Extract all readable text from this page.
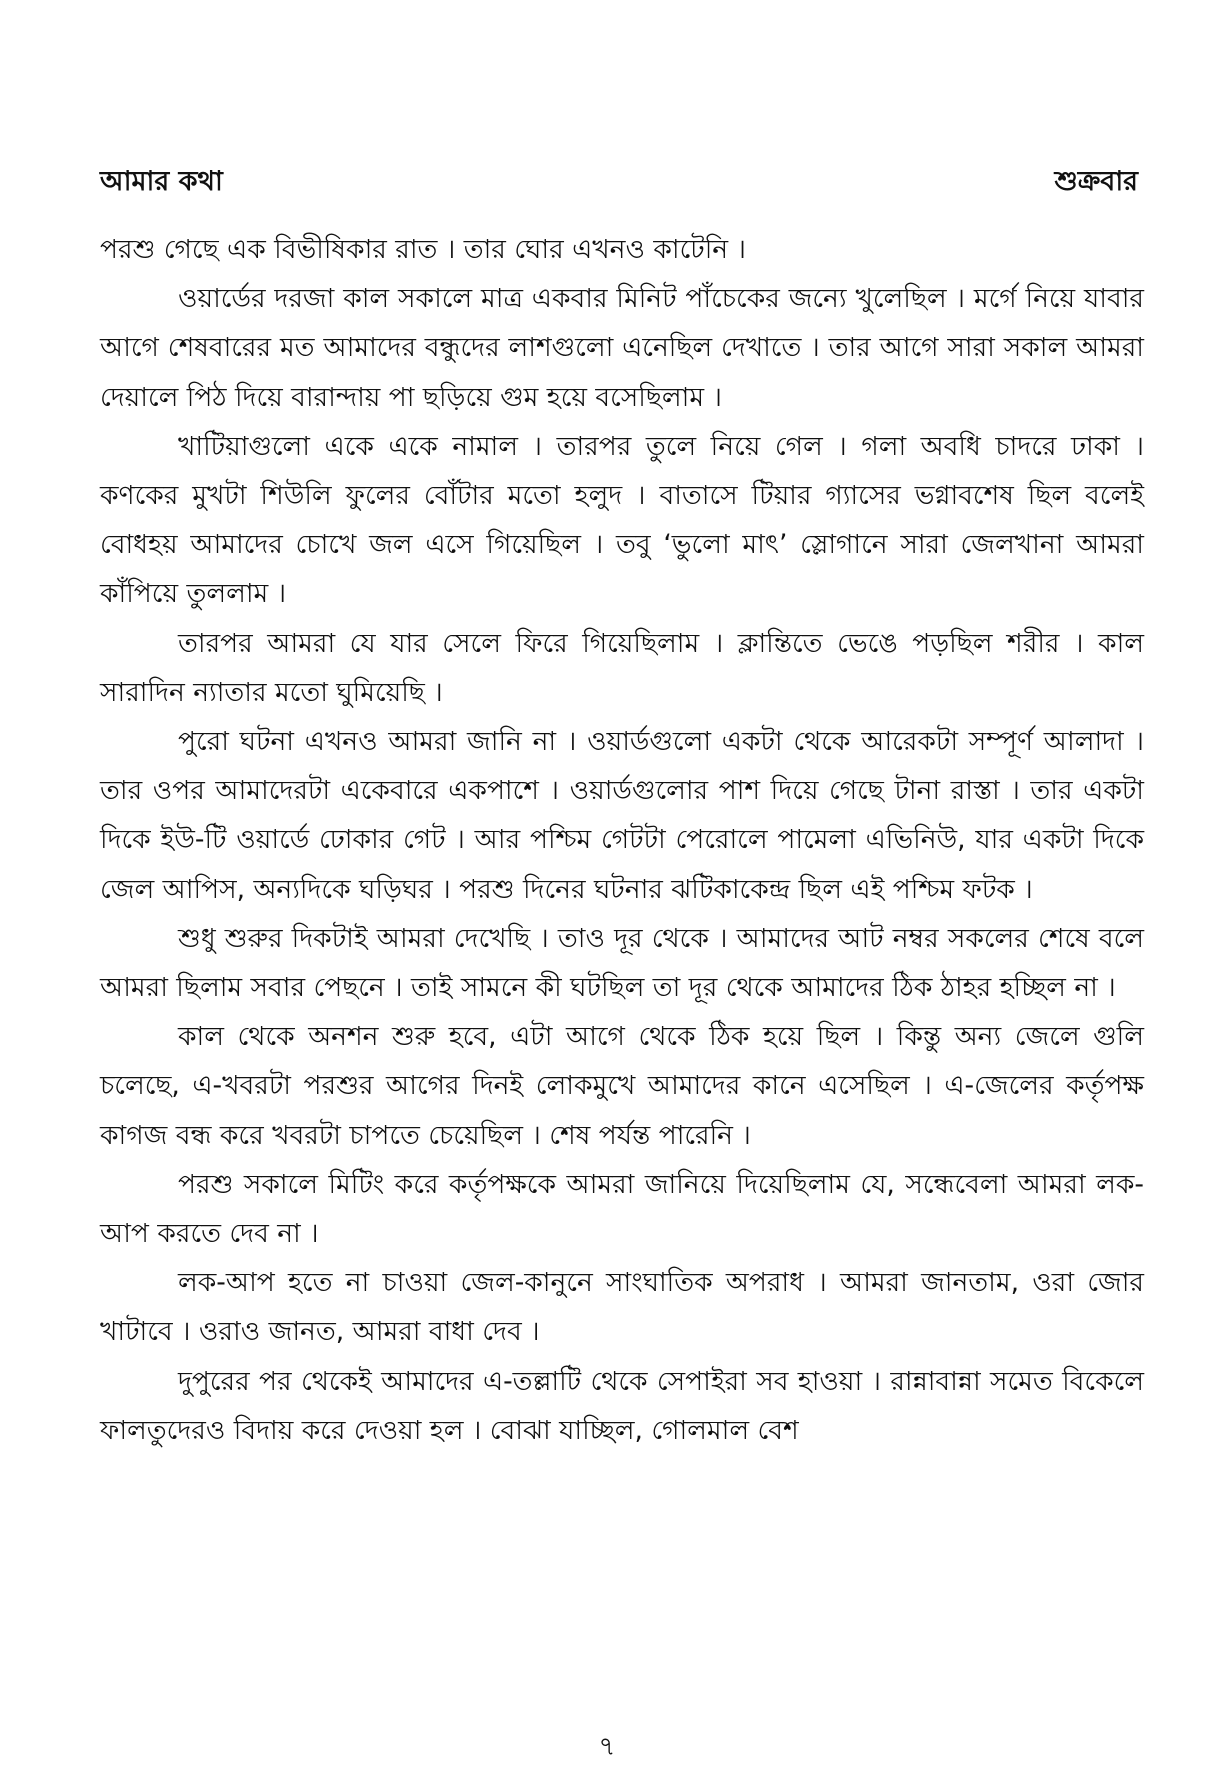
আমার কথা	শুক্রবার

পরশু গেছে এক বিভীষিকার রাত । তার ঘোর এখনও কাটেনি ।

ওয়ার্ডের দরজা কাল সকালে মাত্র একবার মিনিট পাঁচেকের জন্যে খুলেছিল । মর্গে নিয়ে যাবার আগে শেষবারের মত আমাদের বন্ধুদের লাশগুলো এনেছিল দেখাতে । তার আগে সারা সকাল আমরা দেয়ালে পিঠ দিয়ে বারান্দায় পা ছড়িয়ে গুম হয়ে বসেছিলাম ।

খাটিয়াগুলো একে একে নামাল । তারপর তুলে নিয়ে গেল । গলা অবধি চাদরে ঢাকা । কণকের মুখটা শিউলি ফুলের বোঁটার মতো হলুদ । বাতাসে টিয়ার গ্যাসের ভগ্নাবশেষ ছিল বলেই বোধহয় আমাদের চোখে জল এসে গিয়েছিল । তবু ‘ভুলো মাৎ’ স্লোগানে সারা জেলখানা আমরা কাঁপিয়ে তুললাম ।

তারপর আমরা যে যার সেলে ফিরে গিয়েছিলাম । ক্লান্তিতে ভেঙে পড়ছিল শরীর । কাল সারাদিন ন্যাতার মতো ঘুমিয়েছি ।

পুরো ঘটনা এখনও আমরা জানি না । ওয়ার্ডগুলো একটা থেকে আরেকটা সম্পূর্ণ আলাদা । তার ওপর আমাদেরটা একেবারে একপাশে । ওয়ার্ডগুলোর পাশ দিয়ে গেছে টানা রাস্তা । তার একটা দিকে ইউ-টি ওয়ার্ডে ঢোকার গেট । আর পশ্চিম গেটটা পেরোলে পামেলা এভিনিউ, যার একটা দিকে জেল আপিস, অন্যদিকে ঘড়িঘর । পরশু দিনের ঘটনার ঝটিকাকেন্দ্র ছিল এই পশ্চিম ফটক ।

শুধু শুরুর দিকটাই আমরা দেখেছি । তাও দূর থেকে । আমাদের আট নম্বর সকলের শেষে বলে আমরা ছিলাম সবার পেছনে । তাই সামনে কী ঘটছিল তা দূর থেকে আমাদের ঠিক ঠাহর হচ্ছিল না ।

কাল থেকে অনশন শুরু হবে, এটা আগে থেকে ঠিক হয়ে ছিল । কিন্তু অন্য জেলে গুলি চলেছে, এ-খবরটা পরশুর আগের দিনই লোকমুখে আমাদের কানে এসেছিল । এ-জেলের কর্তৃপক্ষ কাগজ বন্ধ করে খবরটা চাপতে চেয়েছিল । শেষ পর্যন্ত পারেনি ।

পরশু সকালে মিটিং করে কর্তৃপক্ষকে আমরা জানিয়ে দিয়েছিলাম যে, সন্ধেবেলা আমরা লক-আপ করতে দেব না ।

লক-আপ হতে না চাওয়া জেল-কানুনে সাংঘাতিক অপরাধ । আমরা জানতাম, ওরা জোর খাটাবে । ওরাও জানত, আমরা বাধা দেব ।

দুপুরের পর থেকেই আমাদের এ-তল্লাটি থেকে সেপাইরা সব হাওয়া । রান্নাবান্না সমেত বিকেলে ফালতুদেরও বিদায় করে দেওয়া হল । বোঝা যাচ্ছিল, গোলমাল বেশ

৭
